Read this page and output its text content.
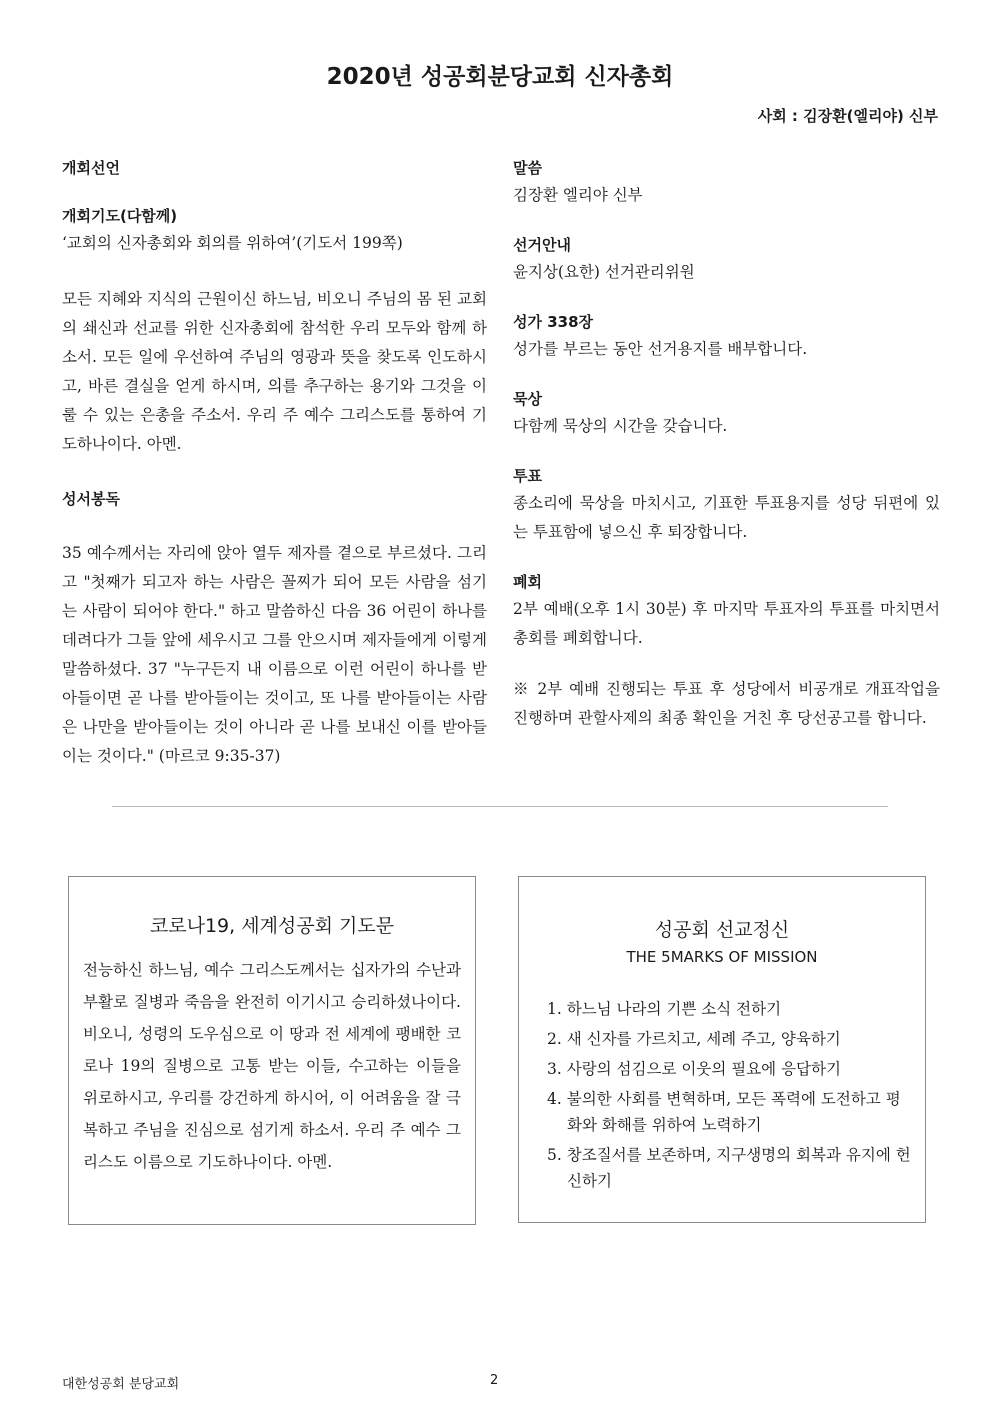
2020년 성공회분당교회 신자총회
사회 : 김장환(엘리야) 신부

개회선언

개회기도(다함께)

‘교회의 신자총회와 회의를 위하여’(기도서 199쪽)

모든 지혜와 지식의 근원이신 하느님, 비오니 주님의 몸 된 교회의 쇄신과 선교를 위한 신자총회에 참석한 우리 모두와 함께 하소서. 모든 일에 우선하여 주님의 영광과 뜻을 찾도록 인도하시고, 바른 결실을 얻게 하시며, 의를 추구하는 용기와 그것을 이룰 수 있는 은총을 주소서. 우리 주 예수 그리스도를 통하여 기도하나이다. 아멘.

성서봉독

35 예수께서는 자리에 앉아 열두 제자를 곁으로 부르셨다. 그리고 "첫째가 되고자 하는 사람은 꼴찌가 되어 모든 사람을 섬기는 사람이 되어야 한다." 하고 말씀하신 다음 36 어린이 하나를 데려다가 그들 앞에 세우시고 그를 안으시며 제자들에게 이렇게 말씀하셨다. 37 "누구든지 내 이름으로 이런 어린이 하나를 받아들이면 곧 나를 받아들이는 것이고, 또 나를 받아들이는 사람은 나만을 받아들이는 것이 아니라 곧 나를 보내신 이를 받아들이는 것이다." (마르코 9:35-37)

말씀

김장환 엘리야 신부

선거안내

윤지상(요한) 선거관리위원

성가 338장

성가를 부르는 동안 선거용지를 배부합니다.

묵상

다함께 묵상의 시간을 갖습니다.

투표

종소리에 묵상을 마치시고, 기표한 투표용지를 성당 뒤편에 있는 투표함에 넣으신 후 퇴장합니다.

폐회

2부 예배(오후 1시 30분) 후 마지막 투표자의 투표를 마치면서 총회를 폐회합니다.

※ 2부 예배 진행되는 투표 후 성당에서 비공개로 개표작업을 진행하며 관할사제의 최종 확인을 거친 후 당선공고를 합니다.

코로나19, 세계성공회 기도문

전능하신 하느님, 예수 그리스도께서는 십자가의 수난과 부활로 질병과 죽음을 완전히 이기시고 승리하셨나이다. 비오니, 성령의 도우심으로 이 땅과 전 세계에 팽배한 코로나 19의 질병으로 고통 받는 이들, 수고하는 이들을 위로하시고, 우리를 강건하게 하시어, 이 어려움을 잘 극복하고 주님을 진심으로 섬기게 하소서. 우리 주 예수 그리스도 이름으로 기도하나이다. 아멘.

성공회 선교정신

THE 5MARKS OF MISSION
1. 하느님 나라의 기쁜 소식 전하기
2. 새 신자를 가르치고, 세례 주고, 양육하기
3. 사랑의 섬김으로 이웃의 필요에 응답하기
4. 불의한 사회를 변혁하며, 모든 폭력에 도전하고 평화와 화해를 위하여 노력하기
5. 창조질서를 보존하며, 지구생명의 회복과 유지에 헌신하기
대한성공회 분당교회	2
